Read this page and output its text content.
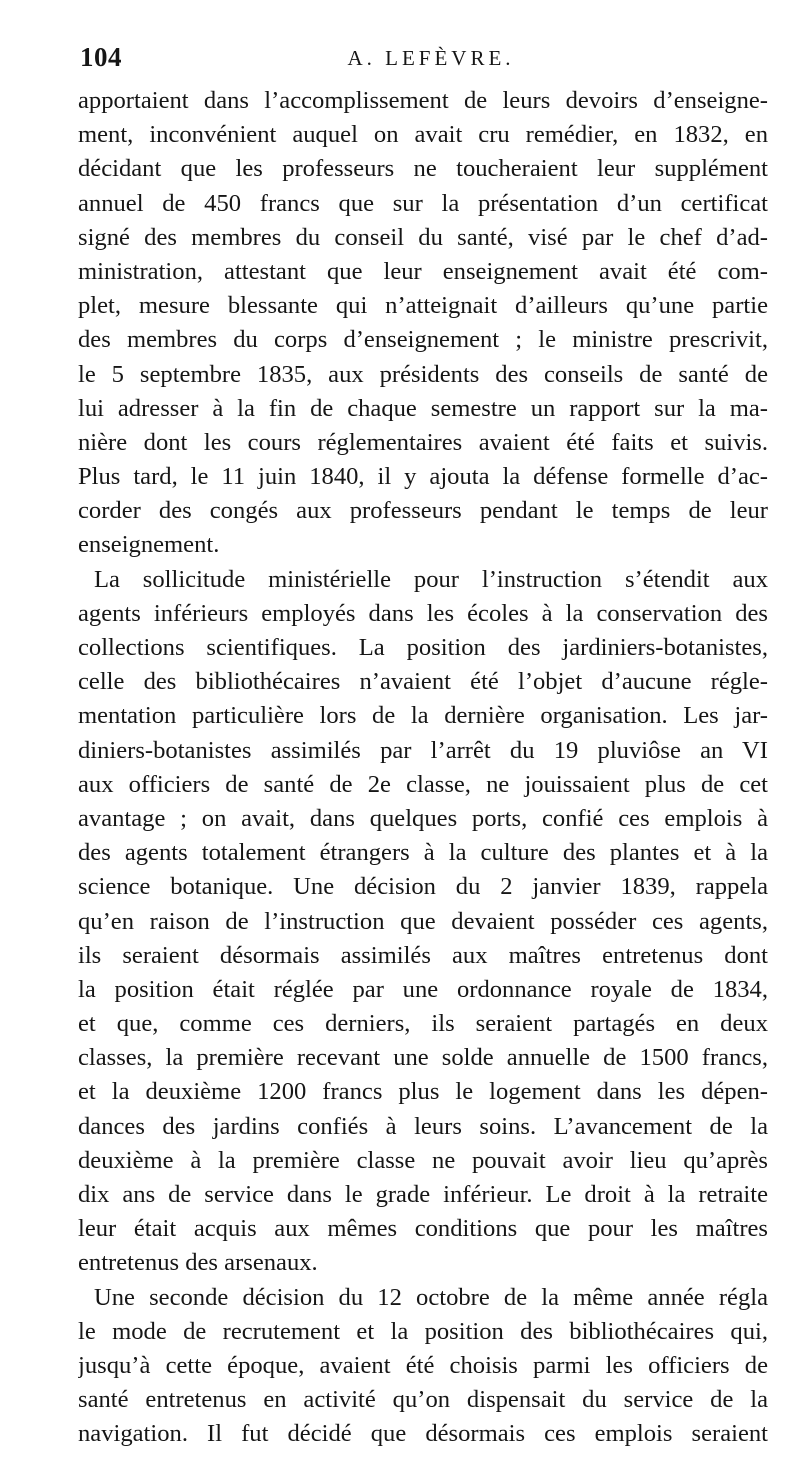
104	A. LEFÈVRE.
apportaient dans l’accomplissement de leurs devoirs d’enseigne-
ment, inconvénient auquel on avait cru remédier, en 1832, en
décidant que les professeurs ne toucheraient leur supplément
annuel de 450 francs que sur la présentation d’un certificat
signé des membres du conseil du santé, visé par le chef d’ad-
ministration, attestant que leur enseignement avait été com-
plet, mesure blessante qui n’atteignait d’ailleurs qu’une partie
des membres du corps d’enseignement ; le ministre prescrivit,
le 5 septembre 1835, aux présidents des conseils de santé de
lui adresser à la fin de chaque semestre un rapport sur la ma-
nière dont les cours réglementaires avaient été faits et suivis.
Plus tard, le 11 juin 1840, il y ajouta la défense formelle d’ac-
corder des congés aux professeurs pendant le temps de leur
enseignement.
La sollicitude ministérielle pour l’instruction s’étendit aux
agents inférieurs employés dans les écoles à la conservation des
collections scientifiques. La position des jardiniers-botanistes,
celle des bibliothécaires n’avaient été l’objet d’aucune régle-
mentation particulière lors de la dernière organisation. Les jar-
diniers-botanistes assimilés par l’arrêt du 19 pluviôse an VI
aux officiers de santé de 2e classe, ne jouissaient plus de cet
avantage ; on avait, dans quelques ports, confié ces emplois à
des agents totalement étrangers à la culture des plantes et à la
science botanique. Une décision du 2 janvier 1839, rappela
qu’en raison de l’instruction que devaient posséder ces agents,
ils seraient désormais assimilés aux maîtres entretenus dont
la position était réglée par une ordonnance royale de 1834,
et que, comme ces derniers, ils seraient partagés en deux
classes, la première recevant une solde annuelle de 1500 francs,
et la deuxième 1200 francs plus le logement dans les dépen-
dances des jardins confiés à leurs soins. L’avancement de la
deuxième à la première classe ne pouvait avoir lieu qu’après
dix ans de service dans le grade inférieur. Le droit à la retraite
leur était acquis aux mêmes conditions que pour les maîtres
entretenus des arsenaux.
Une seconde décision du 12 octobre de la même année régla
le mode de recrutement et la position des bibliothécaires qui,
jusqu’à cette époque, avaient été choisis parmi les officiers de
santé entretenus en activité qu’on dispensait du service de la
navigation. Il fut décidé que désormais ces emplois seraient
